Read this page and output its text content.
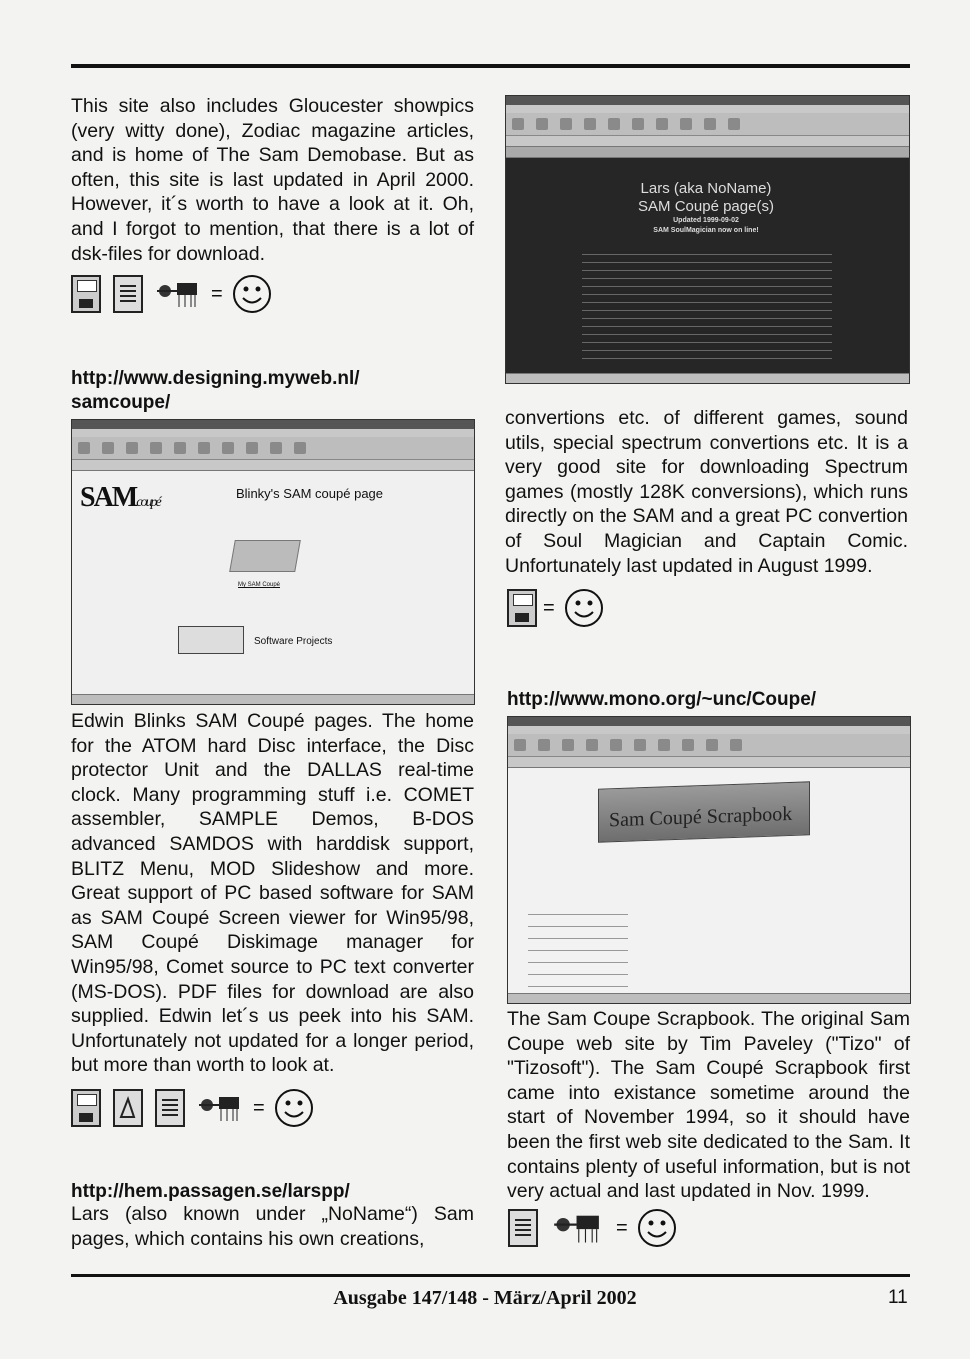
This site also includes Gloucester showpics (very witty done), Zodiac magazine articles, and is home of The Sam Demobase. But as often, this site is last updated in April 2000. However, it´s worth to have a look at it. Oh, and I forgot to mention, that there is a lot of dsk-files for download.

=
http://www.designing.myweb.nl/ samcoupe/
SAMcoupé
Blinky's SAM coupé page
My SAM Coupé
Software Projects

Edwin Blinks SAM Coupé pages. The home for the ATOM hard Disc interface, the Disc protector Unit and the DALLAS real-time clock. Many programming stuff i.e. COMET assembler, SAMPLE Demos, B-DOS advanced SAMDOS with harddisk support, BLITZ Menu, MOD Slideshow and more. Great support of PC based software for SAM as SAM Coupé Screen viewer for Win95/98, SAM Coupé Diskimage manager for Win95/98, Comet source to PC text converter (MS-DOS). PDF files for download are also supplied. Edwin let´s us peek into his SAM. Unfortunately not updated for a longer period, but more than worth to look at.

=
http://hem.passagen.se/larspp/

Lars (also known under „NoName“) Sam pages, which contains his own creations,

Lars (aka NoName)
SAM Coupé page(s)
Updated 1999-09-02
SAM SoulMagician now on line!

convertions etc. of different games, sound utils, special spectrum convertions etc. It is a very good site for downloading Spectrum games (mostly 128K conversions), which runs directly on the SAM and a great PC convertion of Soul Magician and Captain Comic. Unfortunately last updated in August 1999.

=
http://www.mono.org/~unc/Coupe/
Sam Coupé Scrapbook

The Sam Coupe Scrapbook. The original Sam Coupe web site by Tim Paveley ("Tizo" of "Tizosoft"). The Sam Coupé Scrapbook first came into existance sometime around the start of November 1994, so it should have been the first web site dedicated to the Sam. It contains plenty of useful information, but is not very actual and last updated in Nov. 1999.

=
Ausgabe 147/148 - März/April 2002	11
